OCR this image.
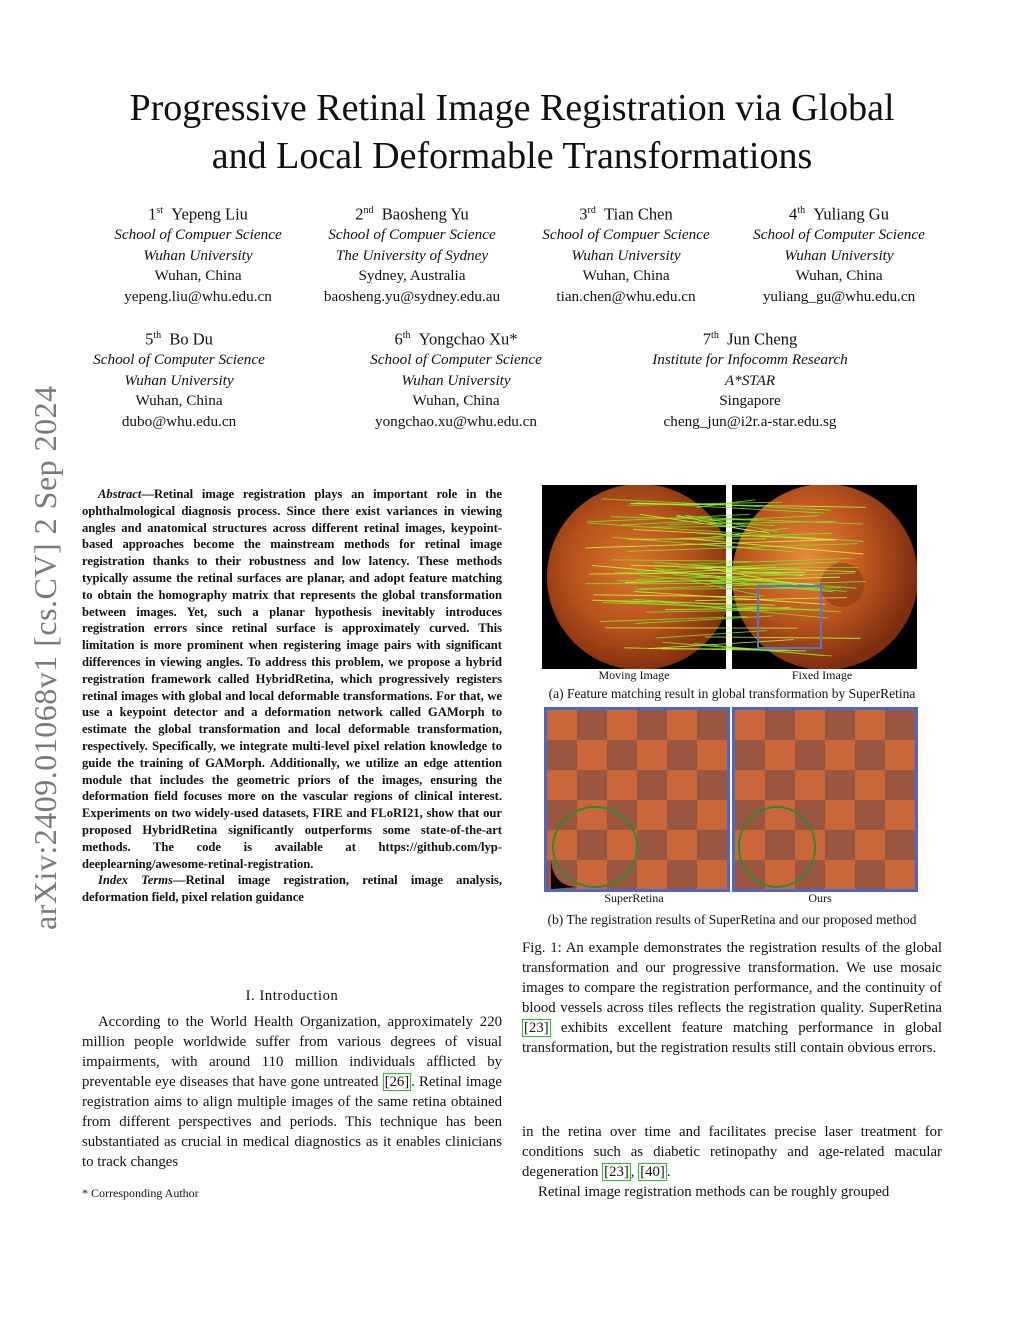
arXiv:2409.01068v1 [cs.CV] 2 Sep 2024
Progressive Retinal Image Registration via Global
and Local Deformable Transformations
1st Yepeng Liu
School of Compuer Science
Wuhan University
Wuhan, China
yepeng.liu@whu.edu.cn
2nd Baosheng Yu
School of Compuer Science
The University of Sydney
Sydney, Australia
baosheng.yu@sydney.edu.au
3rd Tian Chen
School of Compuer Science
Wuhan University
Wuhan, China
tian.chen@whu.edu.cn
4th Yuliang Gu
School of Computer Science
Wuhan University
Wuhan, China
yuliang_gu@whu.edu.cn
5th Bo Du
School of Computer Science
Wuhan University
Wuhan, China
dubo@whu.edu.cn
6th Yongchao Xu*
School of Computer Science
Wuhan University
Wuhan, China
yongchao.xu@whu.edu.cn
7th Jun Cheng
Institute for Infocomm Research
A*STAR
Singapore
cheng_jun@i2r.a-star.edu.sg
Abstract—Retinal image registration plays an important role in the ophthalmological diagnosis process. Since there exist variances in viewing angles and anatomical structures across different retinal images, keypoint-based approaches become the mainstream methods for retinal image registration thanks to their robustness and low latency. These methods typically assume the retinal surfaces are planar, and adopt feature matching to obtain the homography matrix that represents the global transformation between images. Yet, such a planar hypothesis inevitably introduces registration errors since retinal surface is approximately curved. This limitation is more prominent when registering image pairs with significant differences in viewing angles. To address this problem, we propose a hybrid registration framework called HybridRetina, which progressively registers retinal images with global and local deformable transformations. For that, we use a keypoint detector and a deformation network called GAMorph to estimate the global transformation and local deformable transformation, respectively. Specifically, we integrate multi-level pixel relation knowledge to guide the training of GAMorph. Additionally, we utilize an edge attention module that includes the geometric priors of the images, ensuring the deformation field focuses more on the vascular regions of clinical interest. Experiments on two widely-used datasets, FIRE and FLoRI21, show that our proposed HybridRetina significantly outperforms some state-of-the-art methods. The code is available at https://github.com/lyp-deeplearning/awesome-retinal-registration.
Index Terms—Retinal image registration, retinal image analysis, deformation field, pixel relation guidance
I. Introduction
According to the World Health Organization, approximately 220 million people worldwide suffer from various degrees of visual impairments, with around 110 million individuals afflicted by preventable eye diseases that have gone untreated [26] . Retinal image registration aims to align multiple images of the same retina obtained from different perspectives and periods. This technique has been substantiated as crucial in medical diagnostics as it enables clinicians to track changes
* Corresponding Author
Moving Image	Fixed Image
(a) Feature matching result in global transformation by SuperRetina
SuperRetina	Ours
(b) The registration results of SuperRetina and our proposed method
Fig. 1: An example demonstrates the registration results of the global transformation and our progressive transformation. We use mosaic images to compare the registration performance, and the continuity of blood vessels across tiles reflects the registration quality. SuperRetina [23] exhibits excellent feature matching performance in global transformation, but the registration results still contain obvious errors.
in the retina over time and facilitates precise laser treatment for conditions such as diabetic retinopathy and age-related macular degeneration [23] , [40] .
Retinal image registration methods can be roughly grouped
